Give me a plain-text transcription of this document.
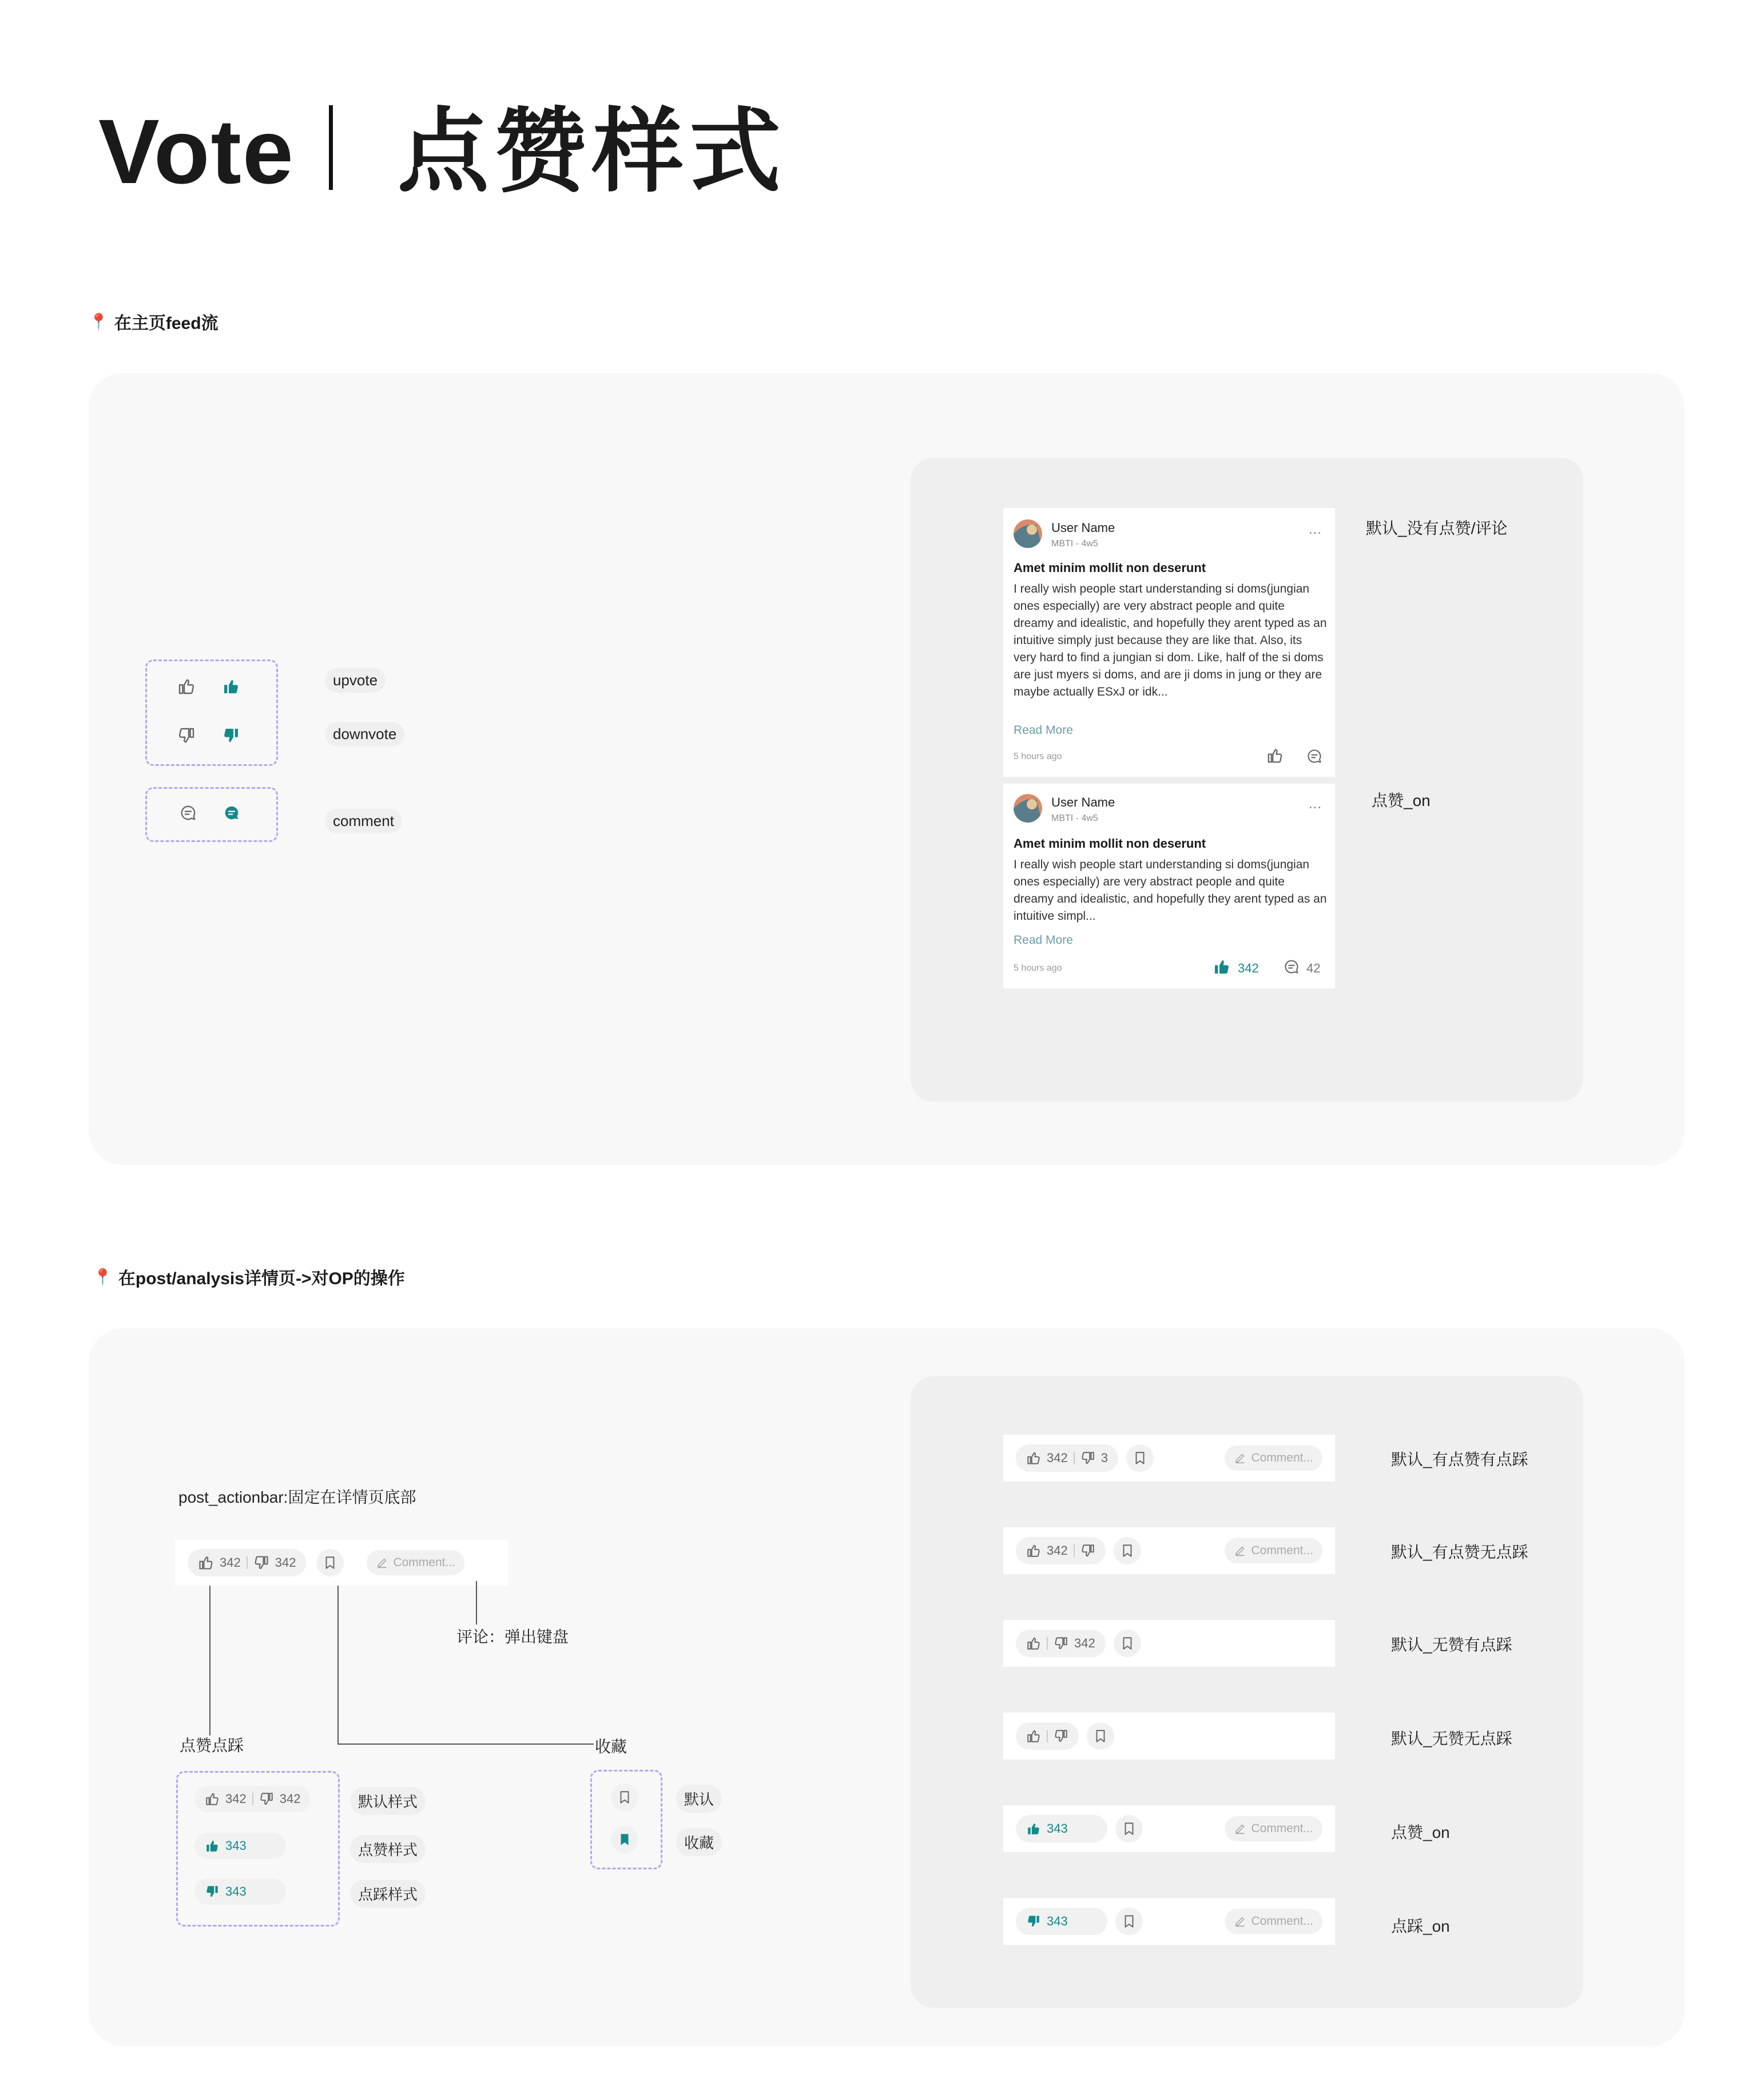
Vote 点赞样式
📍 在主页feed流
upvote
downvote
comment
User Name
MBTI - 4w5
...
Amet minim mollit non deserunt
I really wish people start understanding si doms(jungian ones especially) are very abstract people and quite dreamy and idealistic, and hopefully they arent typed as an intuitive simply just because they are like that. Also, its very hard to find a jungian si dom. Like, half of the si doms are just myers si doms, and are ji doms in jung or they are maybe actually ESxJ or idk...
Read More
5 hours ago
默认_没有点赞/评论
User Name
MBTI - 4w5
...
Amet minim mollit non deserunt
I really wish people start understanding si doms(jungian ones especially) are very abstract people and quite dreamy and idealistic, and hopefully they arent typed as an intuitive simpl...
Read More
5 hours ago	342	42
点赞_on
📍 在post/analysis详情页->对OP的操作
post_actionbar:固定在详情页底部
342	342	Comment...
评论：弹出键盘
点赞点踩	收藏
342	342
343
343
默认样式
点赞样式
点踩样式
默认
收藏
342	3	Comment...	默认_有点赞有点踩
342	Comment...	默认_有点赞无点踩
342	默认_无赞有点踩
默认_无赞无点踩
343	Comment...	点赞_on
343	Comment...	点踩_on
